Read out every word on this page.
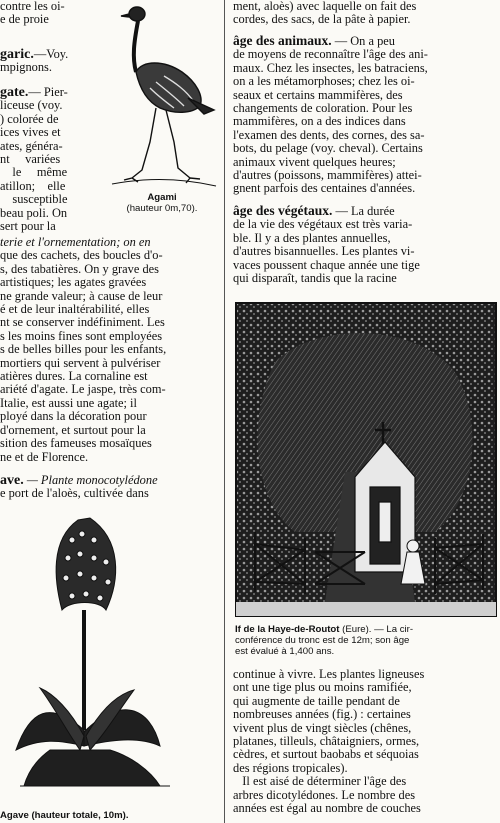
contre les oi-
e de proie
garic.—Voy.
mpignons.
gate.— Pier-
liceuse (voy.
) colorée de
ices vives et
ates, généra-
nt     variées
le     même
atillon;    elle
susceptible
beau poli. On
sert pour la
Agami
(hauteur 0m,70).
terie et l'ornementation; on en
que des cachets, des boucles d'o-
s, des tabatières. On y grave des
artistiques; les agates gravées
ne grande valeur; à cause de leur
é et de leur inaltérabilité, elles
nt se conserver indéfiniment. Les
s les moins fines sont employées
s de belles billes pour les enfants,
mortiers qui servent à pulvériser
atières dures. La cornaline est
ariété d'agate. Le jaspe, très com-
Italie, est aussi une agate; il
ployé dans la décoration pour
d'ornement, et surtout pour la
sition des fameuses mosaïques
ne et de Florence.
ave. — Plante monocotylédone
e port de l'aloès, cultivée dans
Agave (hauteur totale, 10m).
ment, aloès) avec laquelle on fait des
cordes, des sacs, de la pâte à papier.
âge des animaux. — On a peu
de moyens de reconnaître l'âge des ani-
maux. Chez les insectes, les batraciens,
on a les métamorphoses; chez les oi-
seaux et certains mammifères, des
changements de coloration. Pour les
mammifères, on a des indices dans
l'examen des dents, des cornes, des sa-
bots, du pelage (voy. cheval). Certains
animaux vivent quelques heures;
d'autres (poissons, mammifères) attei-
gnent parfois des centaines d'années.
âge des végétaux. — La durée
de la vie des végétaux est très varia-
ble. Il y a des plantes annuelles,
d'autres bisannuelles. Les plantes vi-
vaces poussent chaque année une tige
qui disparaît, tandis que la racine
If de la Haye-de-Routot (Eure). — La cir-
conférence du tronc est de 12m; son âge
est évalué à 1,400 ans.
continue à vivre. Les plantes ligneuses
ont une tige plus ou moins ramifiée,
qui augmente de taille pendant de
nombreuses années (fig.) : certaines
vivent plus de vingt siècles (chênes,
platanes, tilleuls, châtaigniers, ormes,
cèdres, et surtout baobabs et séquoias
des régions tropicales).
Il est aisé de déterminer l'âge des
arbres dicotylédones. Le nombre des
années est égal au nombre de couches
